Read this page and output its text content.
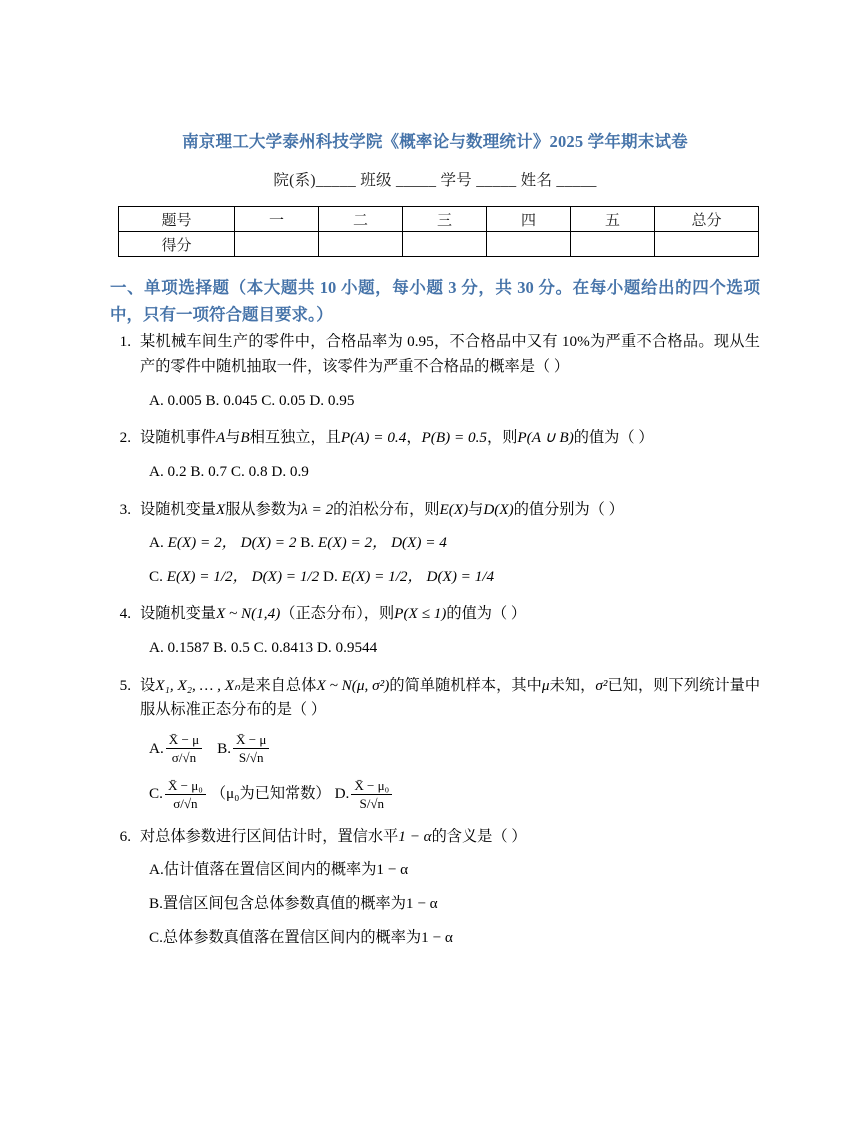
南京理工大学泰州科技学院《概率论与数理统计》2025 学年期末试卷
院(系)_____ 班级 _____ 学号 _____ 姓名 _____
题号	一	二	三	四	五	总分
得分						
一、单项选择题（本大题共 10 小题，每小题 3 分，共 30 分。在每小题给出的四个选项中，只有一项符合题目要求。）
1. 某机械车间生产的零件中，合格品率为 0.95，不合格品中又有 10%为严重不合格品。现从生产的零件中随机抽取一件，该零件为严重不合格品的概率是（ ）
A. 0.005 B. 0.045 C. 0.05 D. 0.95
2. 设随机事件A与B相互独立，且P(A) = 0.4，P(B) = 0.5，则P(A ∪ B)的值为（ ）
A. 0.2 B. 0.7 C. 0.8 D. 0.9
3. 设随机变量X服从参数为λ = 2的泊松分布，则E(X)与D(X)的值分别为（ ）
A. E(X) = 2， D(X) = 2 B. E(X) = 2， D(X) = 4
C. E(X) = 1/2， D(X) = 1/2 D. E(X) = 1/2， D(X) = 1/4
4. 设随机变量X ~ N(1,4)（正态分布），则P(X ≤ 1)的值为（ ）
A. 0.1587 B. 0.5 C. 0.8413 D. 0.9544
5. 设X₁, X₂, … , Xₙ是来自总体X ~ N(μ, σ²)的简单随机样本，其中μ未知，σ²已知，则下列统计量中服从标准正态分布的是（ ）
A. $\frac{X̄ - \mu}{\sigma/√n} B$. $\frac{X̄ - \mu}{S/√n}$
C. $\frac{\text{X̄ − μ₀}}{\sigma/√n} (\mu_0$为已知常数） D. $\frac{\text{X̄ − μ₀}}{S/√n}$
6. 对总体参数进行区间估计时，置信水平1 − α的含义是（ ）
A.估计值落在置信区间内的概率为1 − α
B.置信区间包含总体参数真值的概率为1 − α
C.总体参数真值落在置信区间内的概率为1 − α
